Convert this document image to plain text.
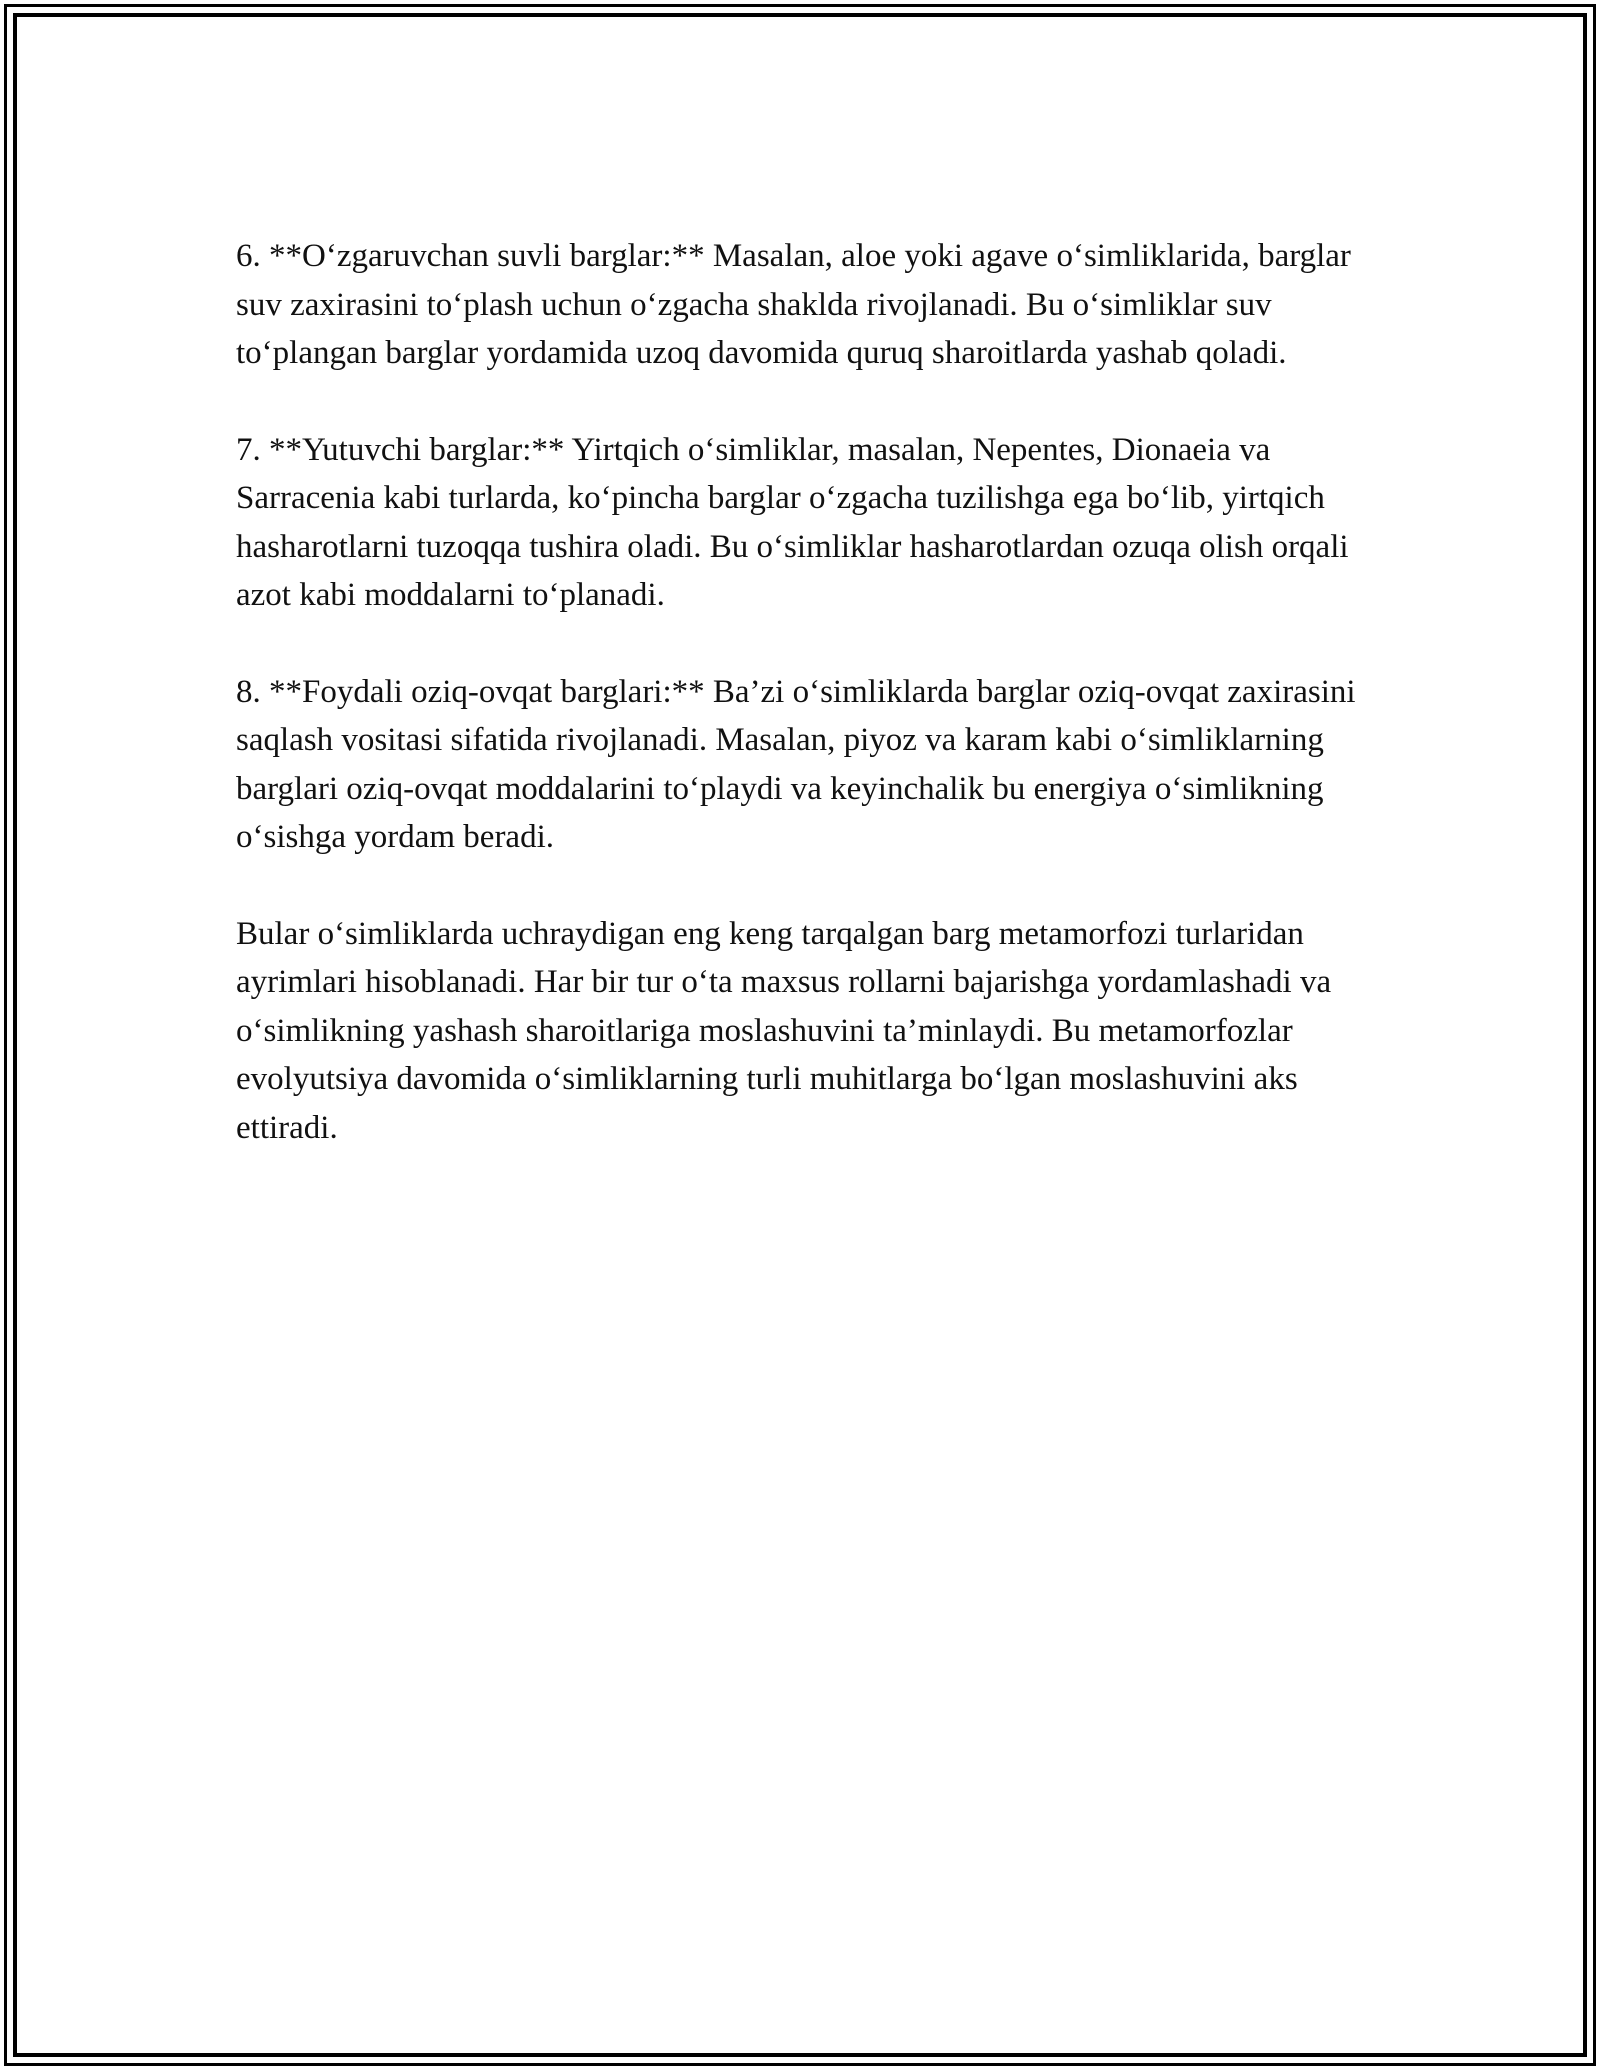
6. **O‘zgaruvchan suvli barglar:** Masalan, aloe yoki agave o‘simliklarida, barglar suv zaxirasini to‘plash uchun o‘zgacha shaklda rivojlanadi. Bu o‘simliklar suv to‘plangan barglar yordamida uzoq davomida quruq sharoitlarda yashab qoladi.

7. **Yutuvchi barglar:** Yirtqich o‘simliklar, masalan, Nepentes, Dionaeia va Sarracenia kabi turlarda, ko‘pincha barglar o‘zgacha tuzilishga ega bo‘lib, yirtqich hasharotlarni tuzoqqa tushira oladi. Bu o‘simliklar hasharotlardan ozuqa olish orqali azot kabi moddalarni to‘planadi.

8. **Foydali oziq-ovqat barglari:** Ba’zi o‘simliklarda barglar oziq-ovqat zaxirasini saqlash vositasi sifatida rivojlanadi. Masalan, piyoz va karam kabi o‘simliklarning barglari oziq-ovqat moddalarini to‘playdi va keyinchalik bu energiya o‘simlikning o‘sishga yordam beradi.

Bular o‘simliklarda uchraydigan eng keng tarqalgan barg metamorfozi turlaridan ayrimlari hisoblanadi. Har bir tur o‘ta maxsus rollarni bajarishga yordamlashadi va o‘simlikning yashash sharoitlariga moslashuvini ta’minlaydi. Bu metamorfozlar evolyutsiya davomida o‘simliklarning turli muhitlarga bo‘lgan moslashuvini aks ettiradi.
